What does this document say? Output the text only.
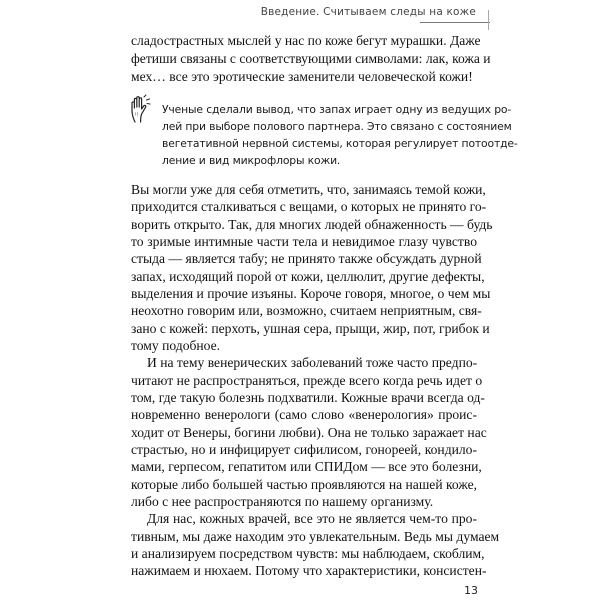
Введение. Считываем следы на коже
сладострастных мыслей у нас по коже бегут мурашки. Даже
фетиши связаны с соответствующими символами: лак, кожа и
мех… все это эротические заменители человеческой кожи!
!! Ученые сделали вывод, что запах играет одну из ведущих ро-
лей при выборе полового партнера. Это связано с состоянием
вегетативной нервной системы, которая регулирует потоотде-
ление и вид микрофлоры кожи.
Вы могли уже для себя отметить, что, занимаясь темой кожи,
приходится сталкиваться с вещами, о которых не принято го-
ворить открыто. Так, для многих людей обнаженность — будь
то зримые интимные части тела и невидимое глазу чувство
стыда — является табу; не принято также обсуждать дурной
запах, исходящий порой от кожи, целлюлит, другие дефекты,
выделения и прочие изъяны. Короче говоря, многое, о чем мы
неохотно говорим или, возможно, считаем неприятным, свя-
зано с кожей: перхоть, ушная сера, прыщи, жир, пот, грибок и
тому подобное.
И на тему венерических заболеваний тоже часто предпо-
читают не распространяться, прежде всего когда речь идет о
том, где такую болезнь подхватили. Кожные врачи всегда од-
новременно венерологи (само слово «венерология» проис-
ходит от Венеры, богини любви). Она не только заражает нас
страстью, но и инфицирует сифилисом, гонореей, кондило-
мами, герпесом, гепатитом или СПИДом — все это болезни,
которые либо большей частью проявляются на нашей коже,
либо с нее распространяются по нашему организму.
Для нас, кожных врачей, все это не является чем-то про-
тивным, мы даже находим это увлекательным. Ведь мы думаем
и анализируем посредством чувств: мы наблюдаем, скоблим,
нажимаем и нюхаем. Потому что характеристики, консистен-
13
